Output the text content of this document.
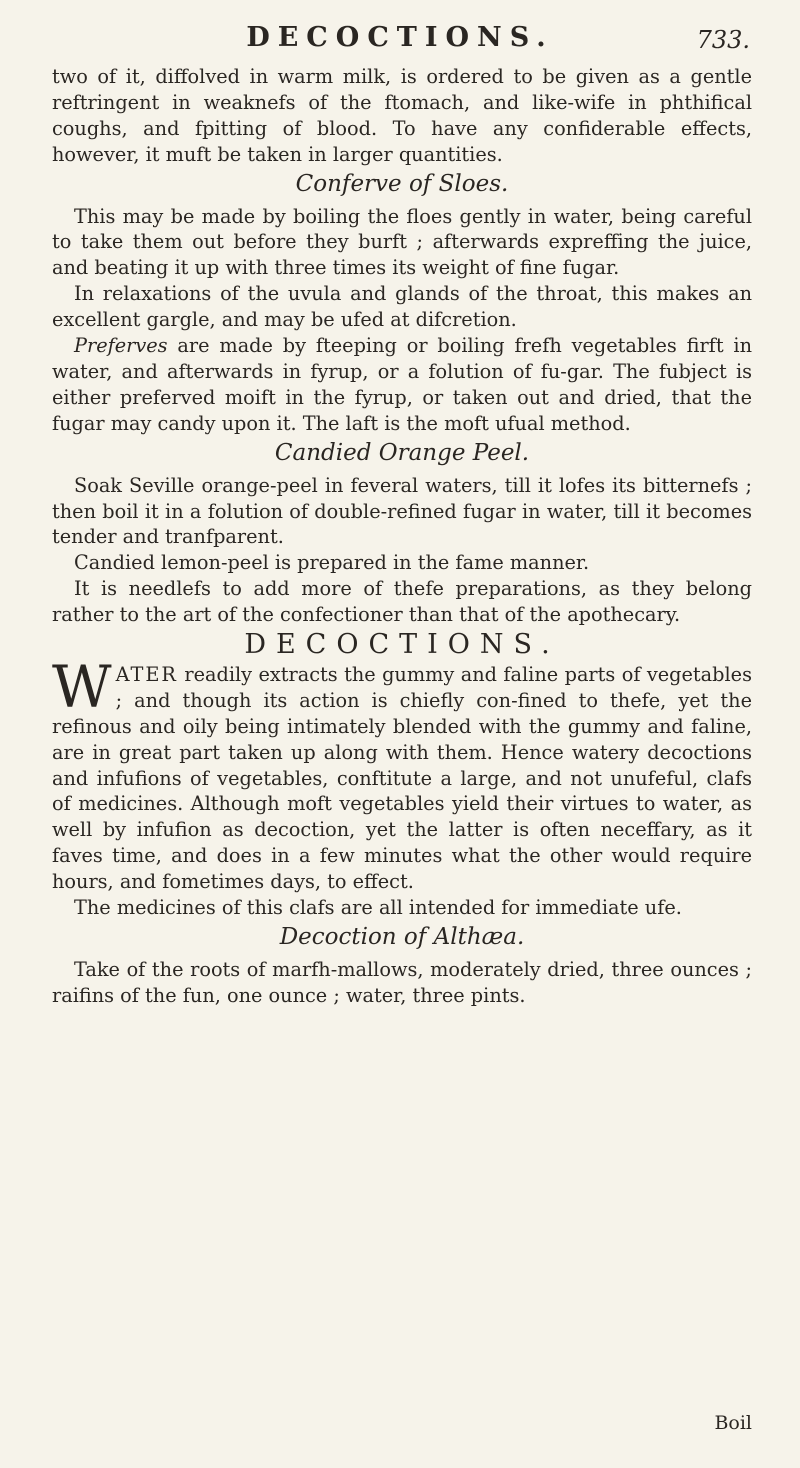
DECOCTIONS.	733.

two of it, diffolved in warm milk, is ordered to be given as a gentle reftringent in weaknefs of the ftomach, and like-wife in phthifical coughs, and fpitting of blood. To have any confiderable effects, however, it muft be taken in larger quantities.

Conferve of Sloes.

This may be made by boiling the floes gently in water, being careful to take them out before they burft ; afterwards expreffing the juice, and beating it up with three times its weight of fine fugar.

In relaxations of the uvula and glands of the throat, this makes an excellent gargle, and may be ufed at difcretion.

Preferves are made by fteeping or boiling frefh vegetables firft in water, and afterwards in fyrup, or a folution of fu-gar. The fubject is either preferved moift in the fyrup, or taken out and dried, that the fugar may candy upon it. The laft is the moft ufual method.

Candied Orange Peel.

Soak Seville orange-peel in feveral waters, till it lofes its bitternefs ; then boil it in a folution of double-refined fugar in water, till it becomes tender and tranfparent.

Candied lemon-peel is prepared in the fame manner.

It is needlefs to add more of thefe preparations, as they belong rather to the art of the confectioner than that of the apothecary.

DECOCTIONS.

WATER readily extracts the gummy and faline parts of vegetables ; and though its action is chiefly con-fined to thefe, yet the refinous and oily being intimately blended with the gummy and faline, are in great part taken up along with them. Hence watery decoctions and infufions of vegetables, conftitute a large, and not unufeful, clafs of medicines. Although moft vegetables yield their virtues to water, as well by infufion as decoction, yet the latter is often neceffary, as it faves time, and does in a few minutes what the other would require hours, and fometimes days, to effect.

The medicines of this clafs are all intended for immediate ufe.

Decoction of Althæa.

Take of the roots of marfh-mallows, moderately dried, three ounces ; raifins of the fun, one ounce ; water, three pints.

Boil
